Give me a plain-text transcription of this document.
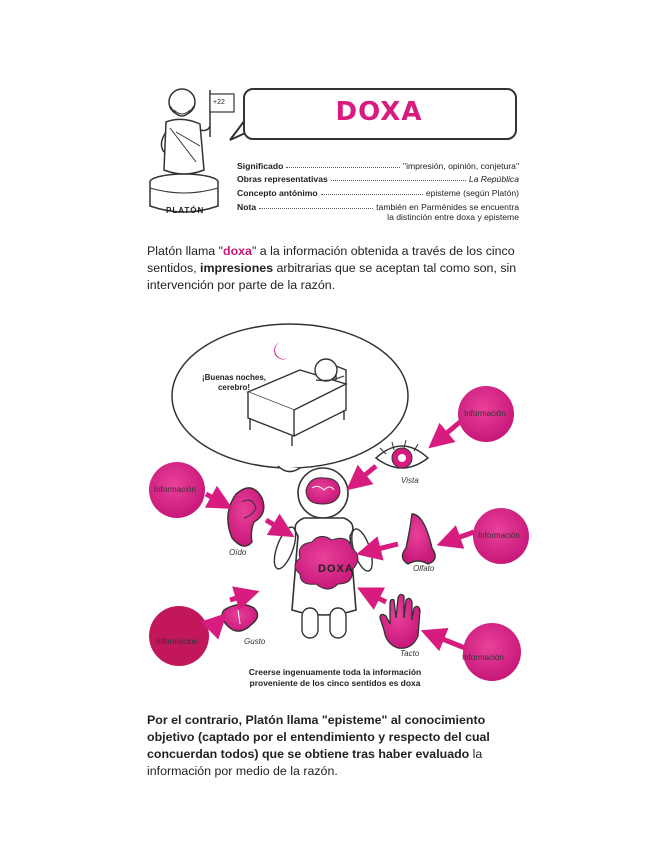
+22
PLATÓN
DOXA
Significado	"impresión, opinión, conjetura"
Obras representativas	La República
Concepto antónimo	episteme (según Platón)
Nota	también en Parménides se encuentra
la distinción entre doxa y episteme
Platón llama "doxa" a la información obtenida a través de los cinco sentidos, impresiones arbitrarias que se aceptan tal como son, sin intervención por parte de la razón.
¡Buenas noches,
cerebro!
DOXA
Información
Información
Información
Información
Información
Vista
Oído
Olfato
Gusto
Tacto
Creerse ingenuamente toda la información
proveniente de los cinco sentidos es doxa
Por el contrario, Platón llama "episteme" al conocimiento objetivo (captado por el entendimiento y respecto del cual concuerdan todos) que se obtiene tras haber evaluado la información por medio de la razón.
